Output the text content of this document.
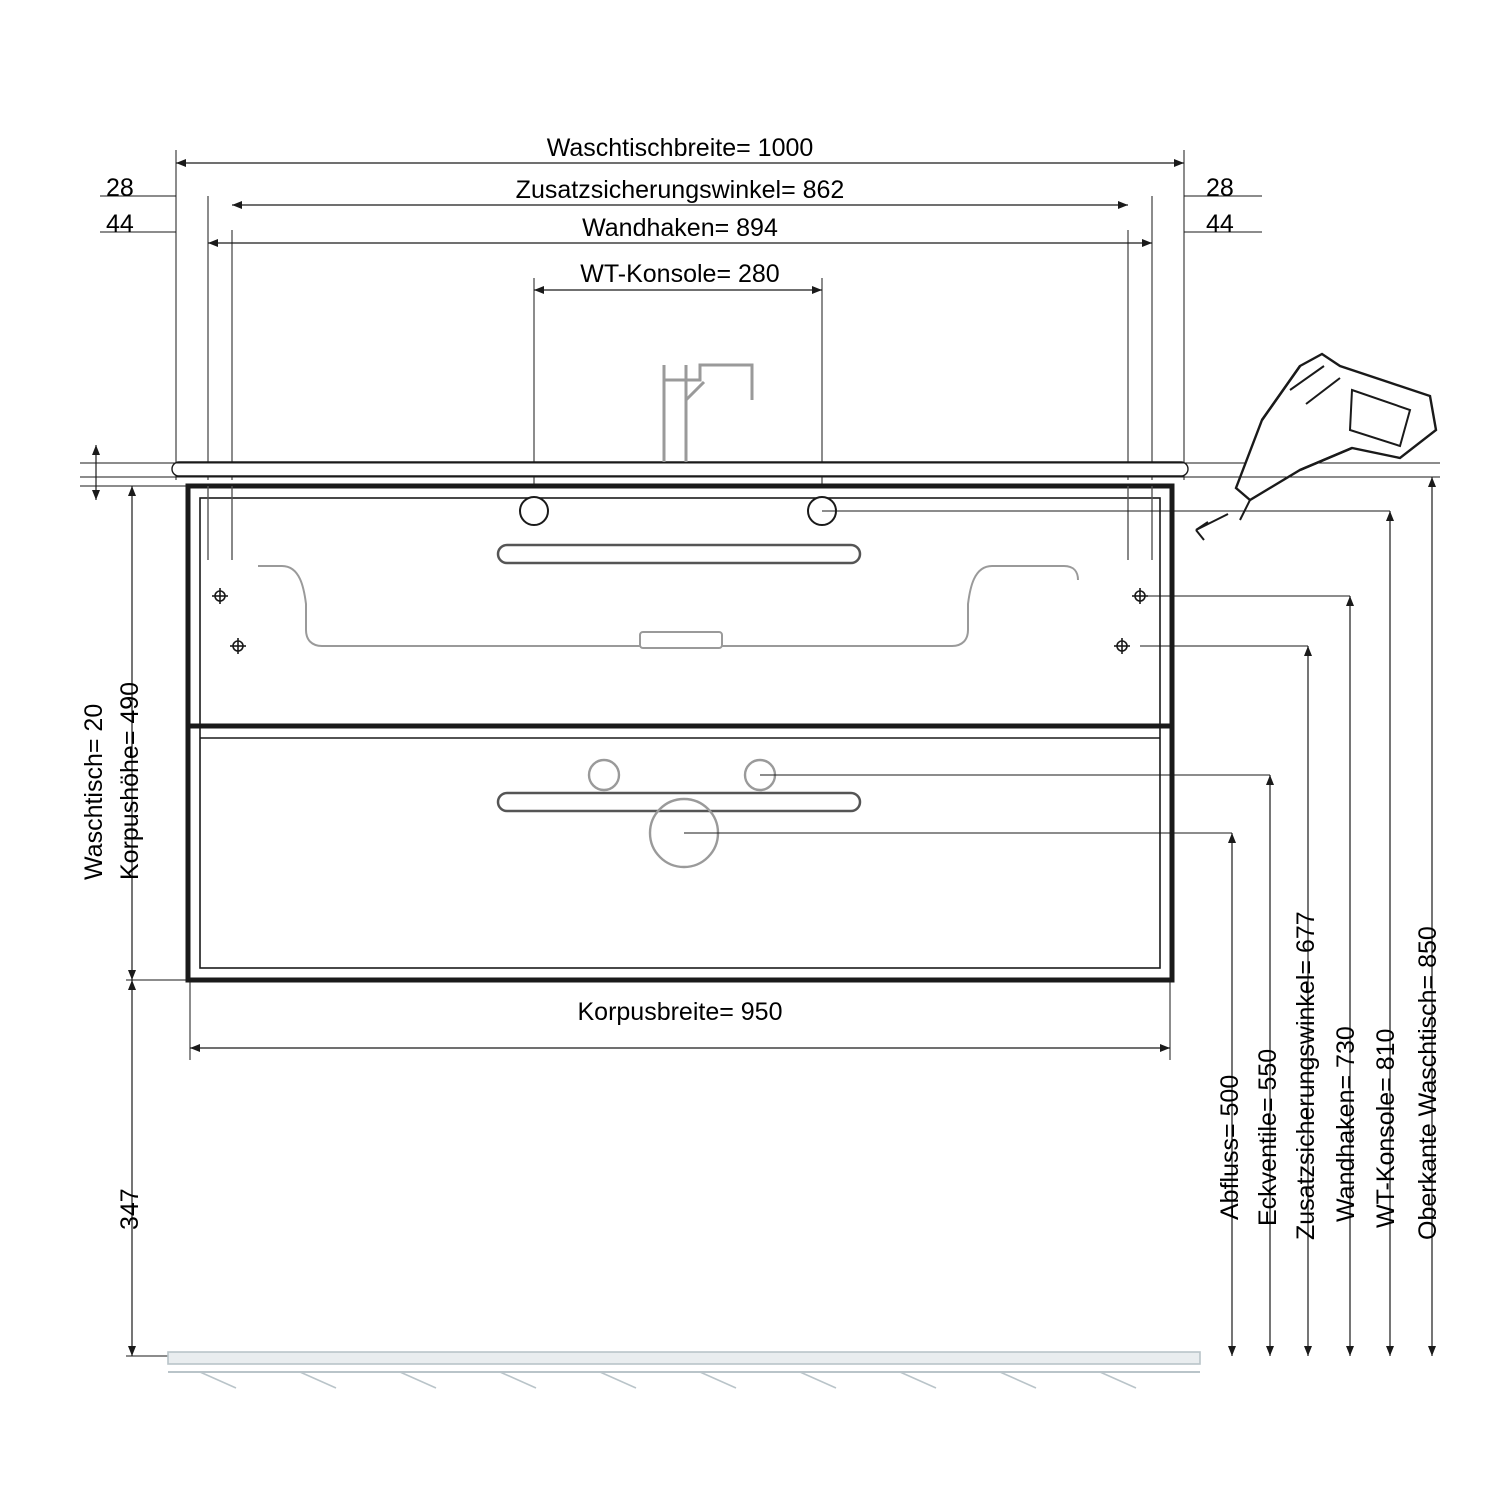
Waschtischbreite= 1000
Zusatzsicherungswinkel= 862
Wandhaken= 894
WT-Konsole= 280
28
44
28
44
Waschtisch= 20 Korpushöhe= 490
347
Korpusbreite= 950
Abfluss= 500 Eckventile= 550 Zusatzsicherungswinkel= 677 Wandhaken= 730 WT-Konsole= 810 Oberkante Waschtisch= 850
